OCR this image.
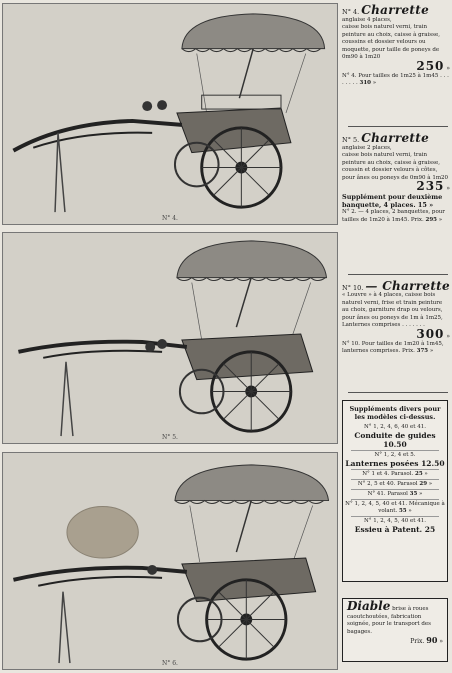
N° 4.
N° 5.
N° 6.
N° 4. Charrette $^{anglaise 4 places,}$
caisse bois naturel verni, train peinture au choix, caisse à graisse, coussins et dossier velours ou moquette, pour taille de poneys de 0m90 à 1m20
250 »
N° 4. Pour tailles de 1m25 à 1m45 . . . . . . . . 310 »
N° 5. Charrette $^{anglaise 2 places,}$
caisse bois naturel verni, train peinture au choix, caisse à graisse, coussin et dossier velours à côtes, pour ânes ou poneys de 0m90 à 1m20
235 »
Supplément pour deuxième banquette, 4 places. 15 »
N° 2. — 4 places, 2 banquettes, pour tailles de 1m20 à 1m45. Prix. 295 »
N° 10. — Charrette
« Louvre » à 4 places, caisse bois naturel verni, frise et train peinture au choix, garniture drap ou velours, pour ânes ou poneys de 1m à 1m25, Lanternes comprises . . . . . . .
300 »
N° 10. Pour tailles de 1m20 à 1m45, lanternes comprises. Prix. 375 »
Suppléments divers pour les modèles ci-dessus.
N° 1, 2, 4, 6, 40 et 41.
Conduite de guides 10.50
N° 1, 2, 4 et 5.
Lanternes posées 12.50
N° 1 et 4. Parasol. 25 »
N° 2, 5 et 40. Parasol 29 »
N° 41. Parasol 35 »
N° 1, 2, 4, 5, 40 et 41. Mécanique à volant. 55 »
N° 1, 2, 4, 5, 40 et 41.
Essieu à Patent. 25
Diable brise à roues caoutchoutées, fabrication soignée, pour le transport des bagages.
Prix. 90 »
